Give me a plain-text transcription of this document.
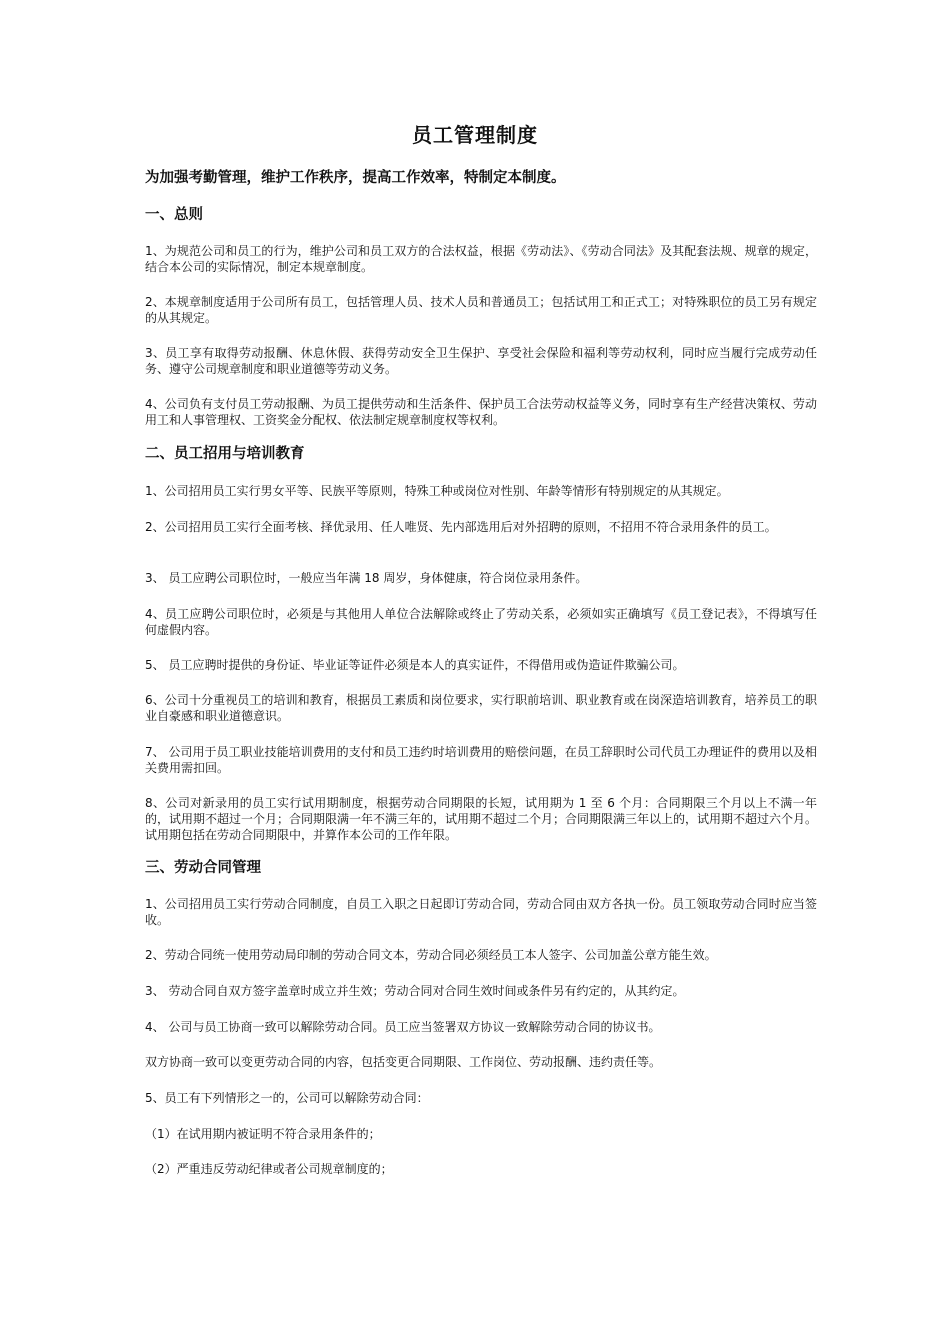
员工管理制度
为加强考勤管理，维护工作秩序，提高工作效率，特制定本制度。
一、总则
1、为规范公司和员工的行为，维护公司和员工双方的合法权益，根据《劳动法》、《劳动合同法》及其配套法规、规章的规定，结合本公司的实际情况，制定本规章制度。
2、本规章制度适用于公司所有员工，包括管理人员、技术人员和普通员工；包括试用工和正式工；对特殊职位的员工另有规定的从其规定。
3、员工享有取得劳动报酬、休息休假、获得劳动安全卫生保护、享受社会保险和福利等劳动权利，同时应当履行完成劳动任务、遵守公司规章制度和职业道德等劳动义务。
4、公司负有支付员工劳动报酬、为员工提供劳动和生活条件、保护员工合法劳动权益等义务，同时享有生产经营决策权、劳动用工和人事管理权、工资奖金分配权、依法制定规章制度权等权利。
二、员工招用与培训教育
1、公司招用员工实行男女平等、民族平等原则，特殊工种或岗位对性别、年龄等情形有特别规定的从其规定。
2、公司招用员工实行全面考核、择优录用、任人唯贤、先内部选用后对外招聘的原则，不招用不符合录用条件的员工。
3、 员工应聘公司职位时，一般应当年满 18 周岁，身体健康，符合岗位录用条件。
4、员工应聘公司职位时，必须是与其他用人单位合法解除或终止了劳动关系，必须如实正确填写《员工登记表》，不得填写任何虚假内容。
5、 员工应聘时提供的身份证、毕业证等证件必须是本人的真实证件，不得借用或伪造证件欺骗公司。
6、公司十分重视员工的培训和教育，根据员工素质和岗位要求，实行职前培训、职业教育或在岗深造培训教育，培养员工的职业自豪感和职业道德意识。
7、 公司用于员工职业技能培训费用的支付和员工违约时培训费用的赔偿问题，在员工辞职时公司代员工办理证件的费用以及相关费用需扣回。
8、公司对新录用的员工实行试用期制度，根据劳动合同期限的长短，试用期为 1 至 6 个月：合同期限三个月以上不满一年的，试用期不超过一个月；合同期限满一年不满三年的，试用期不超过二个月；合同期限满三年以上的，试用期不超过六个月。试用期包括在劳动合同期限中，并算作本公司的工作年限。
三、劳动合同管理
1、公司招用员工实行劳动合同制度，自员工入职之日起即订劳动合同，劳动合同由双方各执一份。员工领取劳动合同时应当签收。
2、劳动合同统一使用劳动局印制的劳动合同文本，劳动合同必须经员工本人签字、公司加盖公章方能生效。
3、 劳动合同自双方签字盖章时成立并生效；劳动合同对合同生效时间或条件另有约定的，从其约定。
4、 公司与员工协商一致可以解除劳动合同。员工应当签署双方协议一致解除劳动合同的协议书。
双方协商一致可以变更劳动合同的内容，包括变更合同期限、工作岗位、劳动报酬、违约责任等。
5、员工有下列情形之一的，公司可以解除劳动合同：
（1）在试用期内被证明不符合录用条件的；
（2）严重违反劳动纪律或者公司规章制度的；
